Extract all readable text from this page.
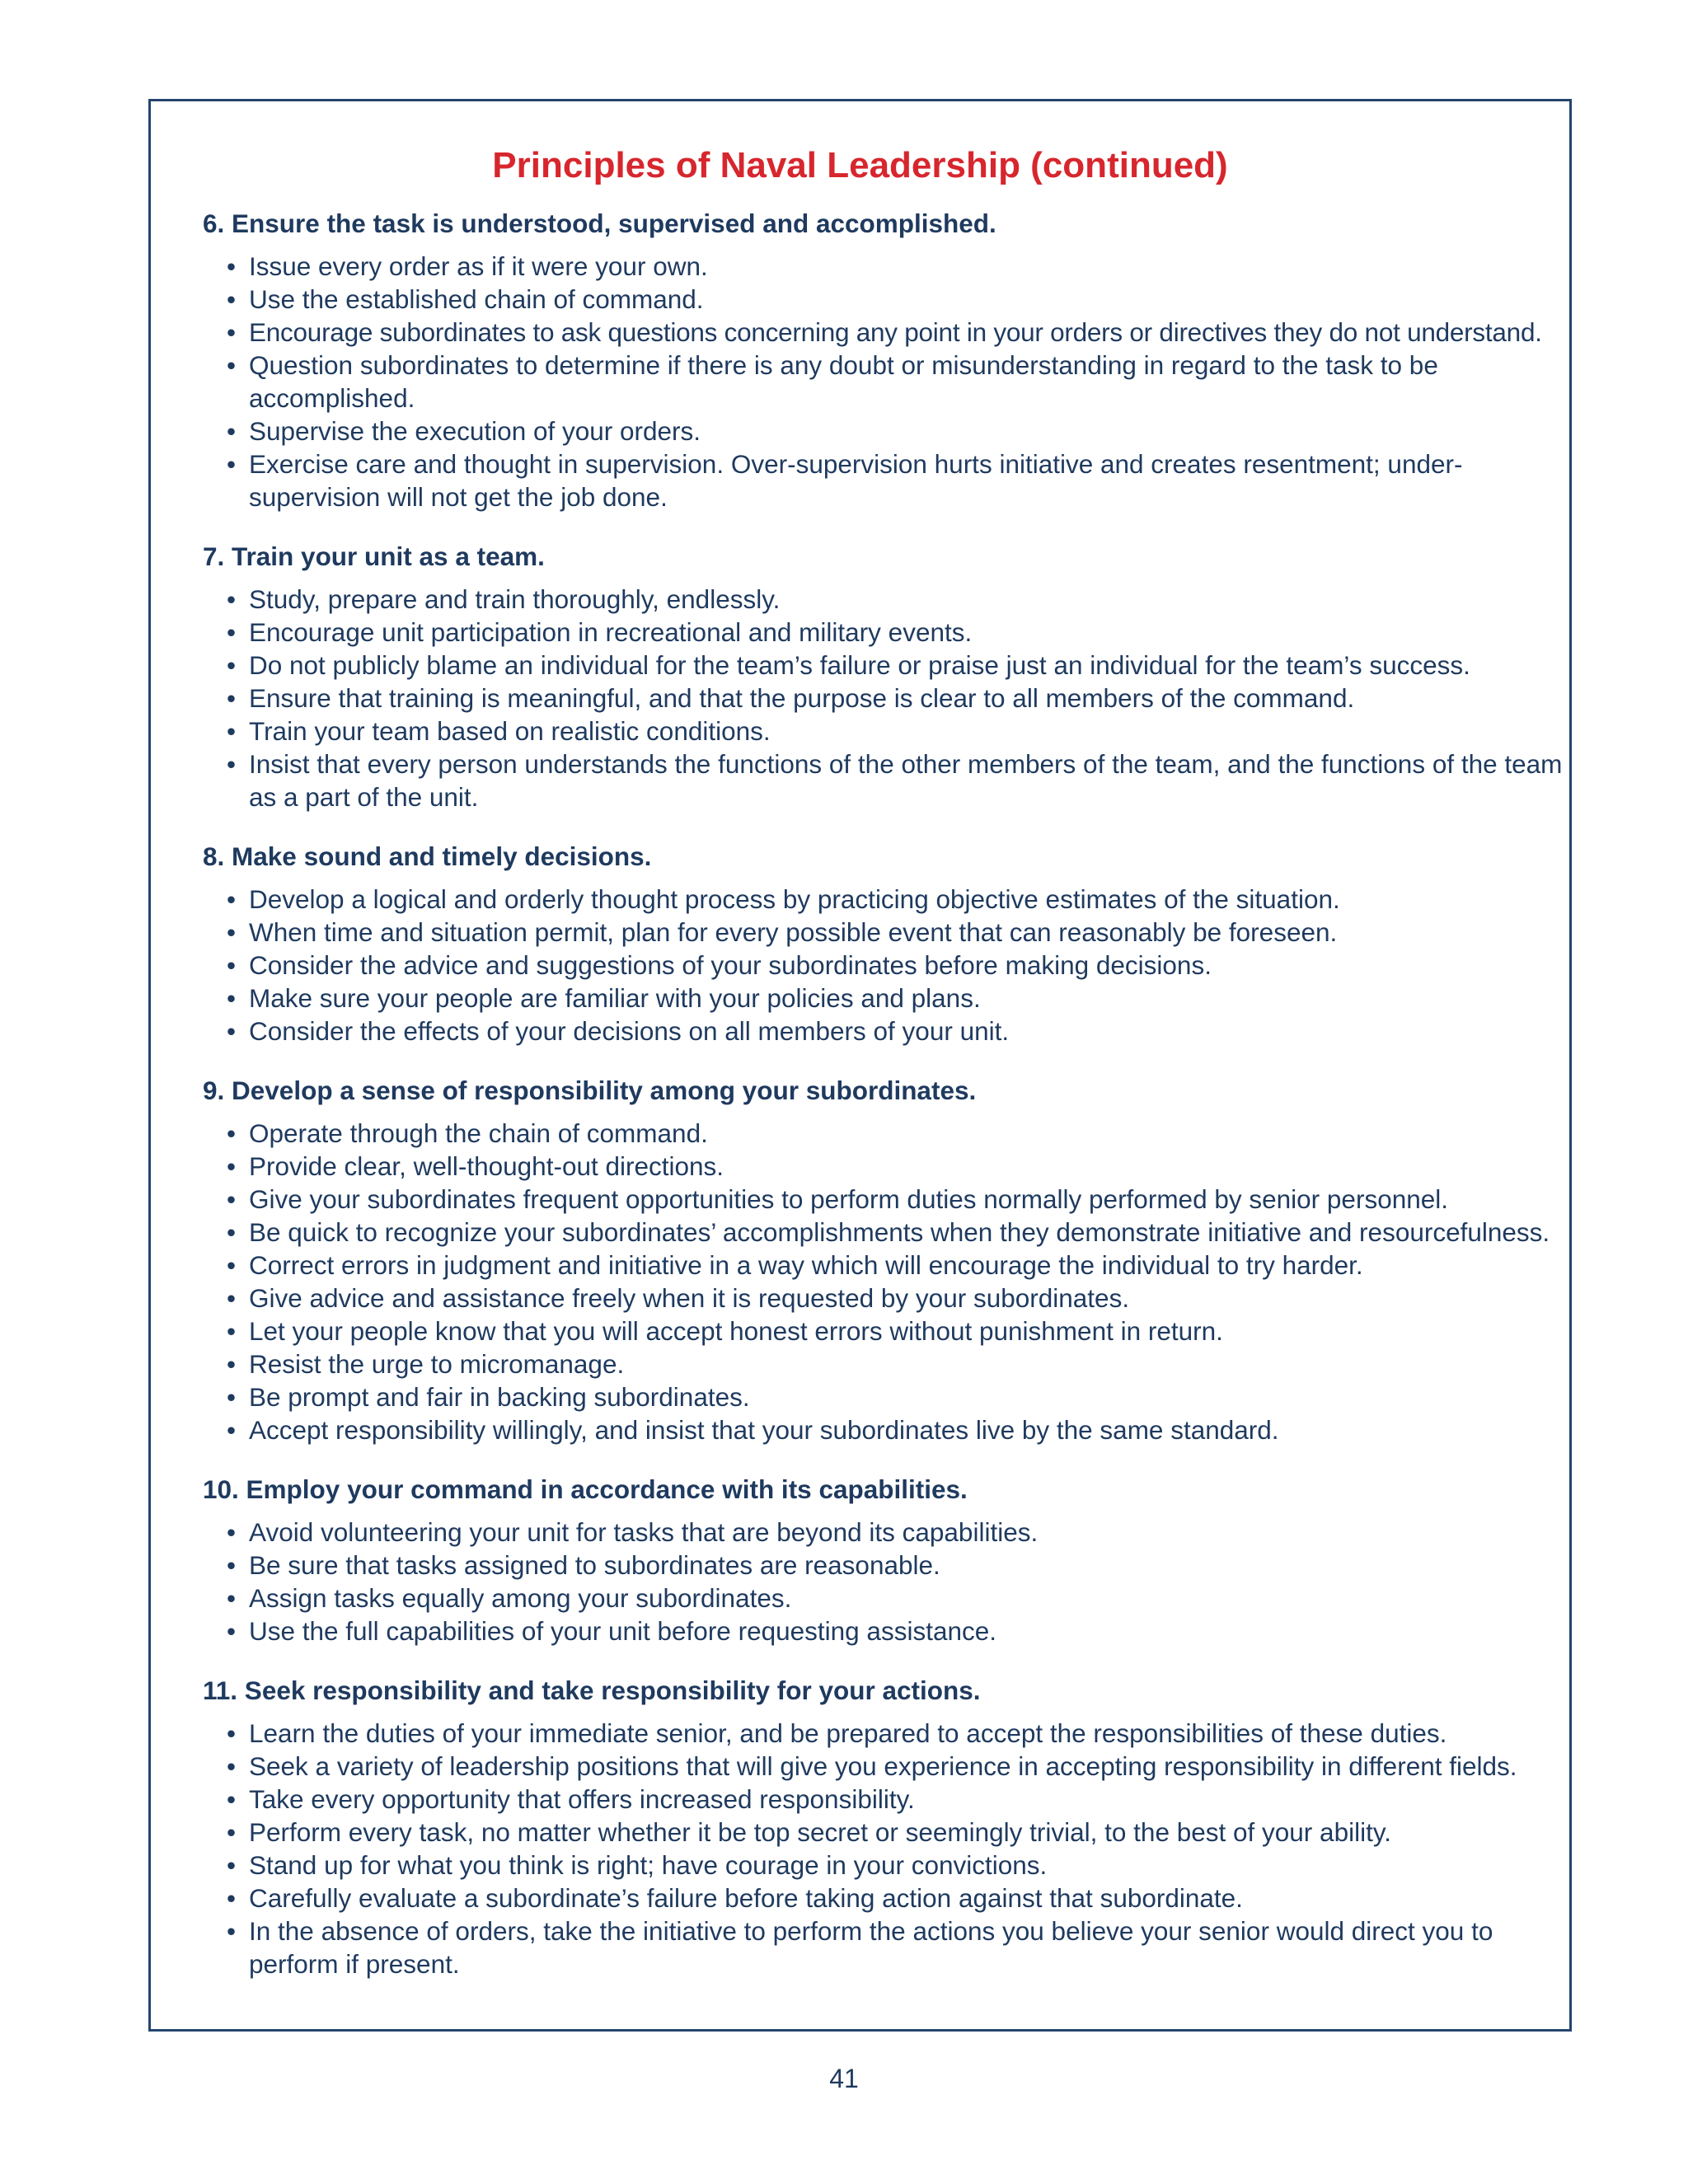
Principles of Naval Leadership (continued)
6. Ensure the task is understood, supervised and accomplished.
• Issue every order as if it were your own.
• Use the established chain of command.
• Encourage subordinates to ask questions concerning any point in your orders or directives they do not understand.
• Question subordinates to determine if there is any doubt or misunderstanding in regard to the task to be accomplished.
• Supervise the execution of your orders.
• Exercise care and thought in supervision. Over-supervision hurts initiative and creates resentment; under-supervision will not get the job done.
7. Train your unit as a team.
• Study, prepare and train thoroughly, endlessly.
• Encourage unit participation in recreational and military events.
• Do not publicly blame an individual for the team’s failure or praise just an individual for the team’s success.
• Ensure that training is meaningful, and that the purpose is clear to all members of the command.
• Train your team based on realistic conditions.
• Insist that every person understands the functions of the other members of the team, and the functions of the team as a part of the unit.
8. Make sound and timely decisions.
• Develop a logical and orderly thought process by practicing objective estimates of the situation.
• When time and situation permit, plan for every possible event that can reasonably be foreseen.
• Consider the advice and suggestions of your subordinates before making decisions.
• Make sure your people are familiar with your policies and plans.
• Consider the effects of your decisions on all members of your unit.
9. Develop a sense of responsibility among your subordinates.
• Operate through the chain of command.
• Provide clear, well-thought-out directions.
• Give your subordinates frequent opportunities to perform duties normally performed by senior personnel.
• Be quick to recognize your subordinates’ accomplishments when they demonstrate initiative and resourcefulness.
• Correct errors in judgment and initiative in a way which will encourage the individual to try harder.
• Give advice and assistance freely when it is requested by your subordinates.
• Let your people know that you will accept honest errors without punishment in return.
• Resist the urge to micromanage.
• Be prompt and fair in backing subordinates.
• Accept responsibility willingly, and insist that your subordinates live by the same standard.
10. Employ your command in accordance with its capabilities.
• Avoid volunteering your unit for tasks that are beyond its capabilities.
• Be sure that tasks assigned to subordinates are reasonable.
• Assign tasks equally among your subordinates.
• Use the full capabilities of your unit before requesting assistance.
11. Seek responsibility and take responsibility for your actions.
• Learn the duties of your immediate senior, and be prepared to accept the responsibilities of these duties.
• Seek a variety of leadership positions that will give you experience in accepting responsibility in different fields.
• Take every opportunity that offers increased responsibility.
• Perform every task, no matter whether it be top secret or seemingly trivial, to the best of your ability.
• Stand up for what you think is right; have courage in your convictions.
• Carefully evaluate a subordinate’s failure before taking action against that subordinate.
• In the absence of orders, take the initiative to perform the actions you believe your senior would direct you to perform if present.
41
